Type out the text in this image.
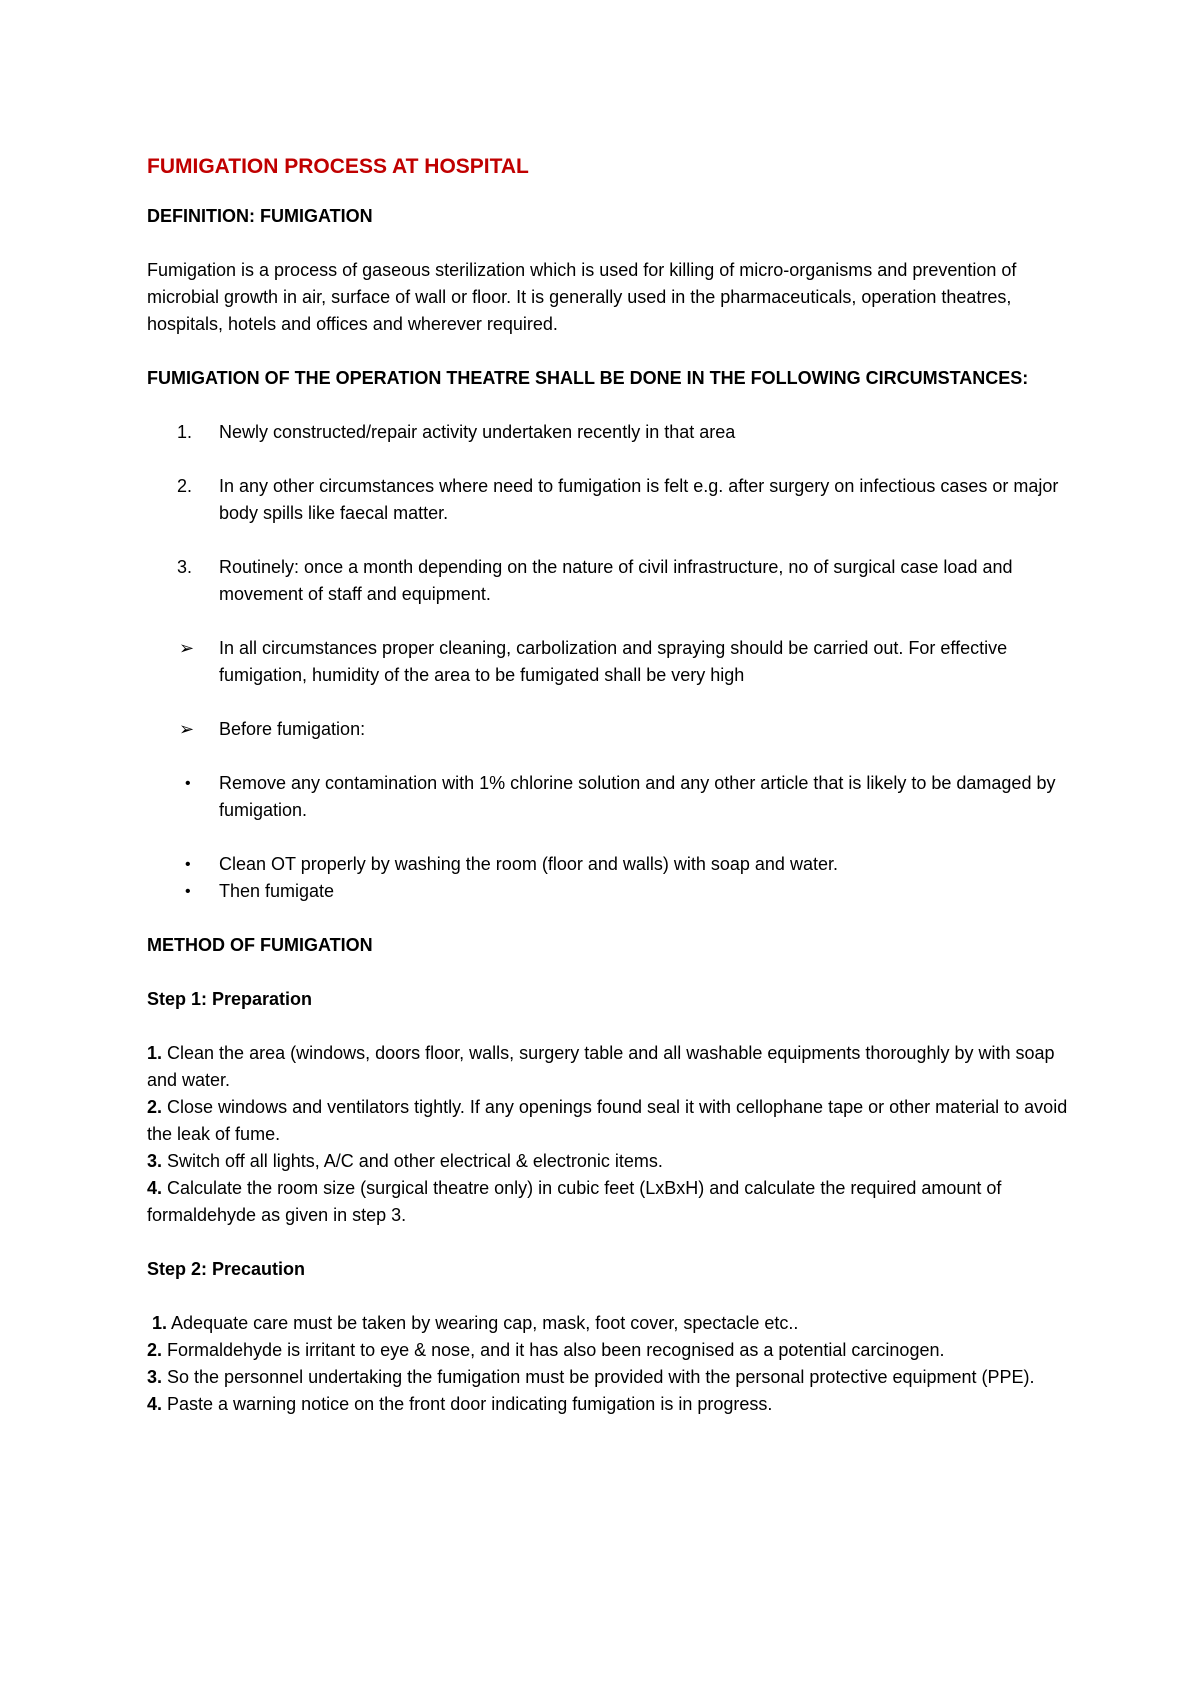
FUMIGATION PROCESS AT HOSPITAL

DEFINITION: FUMIGATION

Fumigation is a process of gaseous sterilization which is used for killing of micro-organisms and prevention of microbial growth in air, surface of wall or floor. It is generally used in the pharmaceuticals, operation theatres, hospitals, hotels and offices and wherever required.

FUMIGATION OF THE OPERATION THEATRE SHALL BE DONE IN THE FOLLOWING CIRCUMSTANCES:

1.	Newly constructed/repair activity undertaken recently in that area
2.	In any other circumstances where need to fumigation is felt e.g. after surgery on infectious cases or major body spills like faecal matter.
3.	Routinely: once a month depending on the nature of civil infrastructure, no of surgical case load and movement of staff and equipment.
➢	In all circumstances proper cleaning, carbolization and spraying should be carried out. For effective fumigation, humidity of the area to be fumigated shall be very high
➢	Before fumigation:
•	Remove any contamination with 1% chlorine solution and any other article that is likely to be damaged by fumigation.
•	Clean OT properly by washing the room (floor and walls) with soap and water.
•	Then fumigate

METHOD OF FUMIGATION

Step 1: Preparation

1. Clean the area (windows, doors floor, walls, surgery table and all washable equipments thoroughly by with soap and water.

2. Close windows and ventilators tightly. If any openings found seal it with cellophane tape or other material to avoid the leak of fume.

3. Switch off all lights, A/C and other electrical & electronic items.

4. Calculate the room size (surgical theatre only) in cubic feet (LxBxH) and calculate the required amount of formaldehyde as given in step 3.

Step 2: Precaution

1. Adequate care must be taken by wearing cap, mask, foot cover, spectacle etc..

2. Formaldehyde is irritant to eye & nose, and it has also been recognised as a potential carcinogen.

3. So the personnel undertaking the fumigation must be provided with the personal protective equipment (PPE).

4. Paste a warning notice on the front door indicating fumigation is in progress.
